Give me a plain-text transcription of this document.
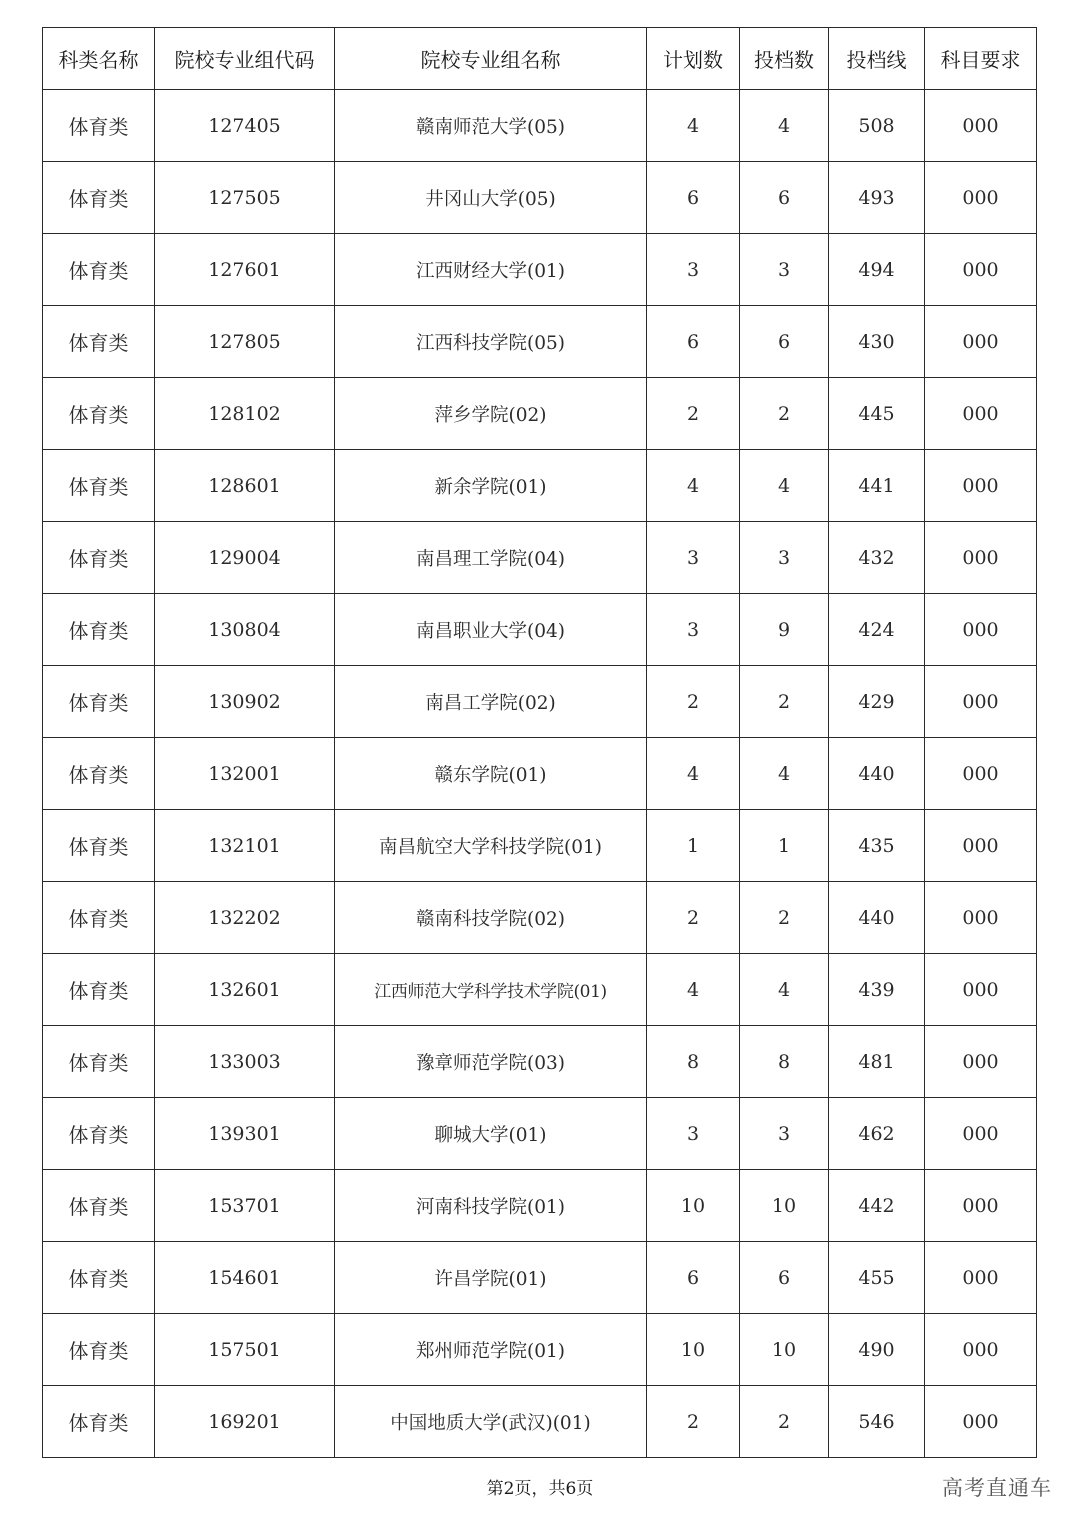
科类名称	院校专业组代码	院校专业组名称	计划数	投档数	投档线	科目要求
体育类	127405	赣南师范大学(05)	4	4	508	000
体育类	127505	井冈山大学(05)	6	6	493	000
体育类	127601	江西财经大学(01)	3	3	494	000
体育类	127805	江西科技学院(05)	6	6	430	000
体育类	128102	萍乡学院(02)	2	2	445	000
体育类	128601	新余学院(01)	4	4	441	000
体育类	129004	南昌理工学院(04)	3	3	432	000
体育类	130804	南昌职业大学(04)	3	9	424	000
体育类	130902	南昌工学院(02)	2	2	429	000
体育类	132001	赣东学院(01)	4	4	440	000
体育类	132101	南昌航空大学科技学院(01)	1	1	435	000
体育类	132202	赣南科技学院(02)	2	2	440	000
体育类	132601	江西师范大学科学技术学院(01)	4	4	439	000
体育类	133003	豫章师范学院(03)	8	8	481	000
体育类	139301	聊城大学(01)	3	3	462	000
体育类	153701	河南科技学院(01)	10	10	442	000
体育类	154601	许昌学院(01)	6	6	455	000
体育类	157501	郑州师范学院(01)	10	10	490	000
体育类	169201	中国地质大学(武汉)(01)	2	2	546	000
第2页，共6页	高考直通车
